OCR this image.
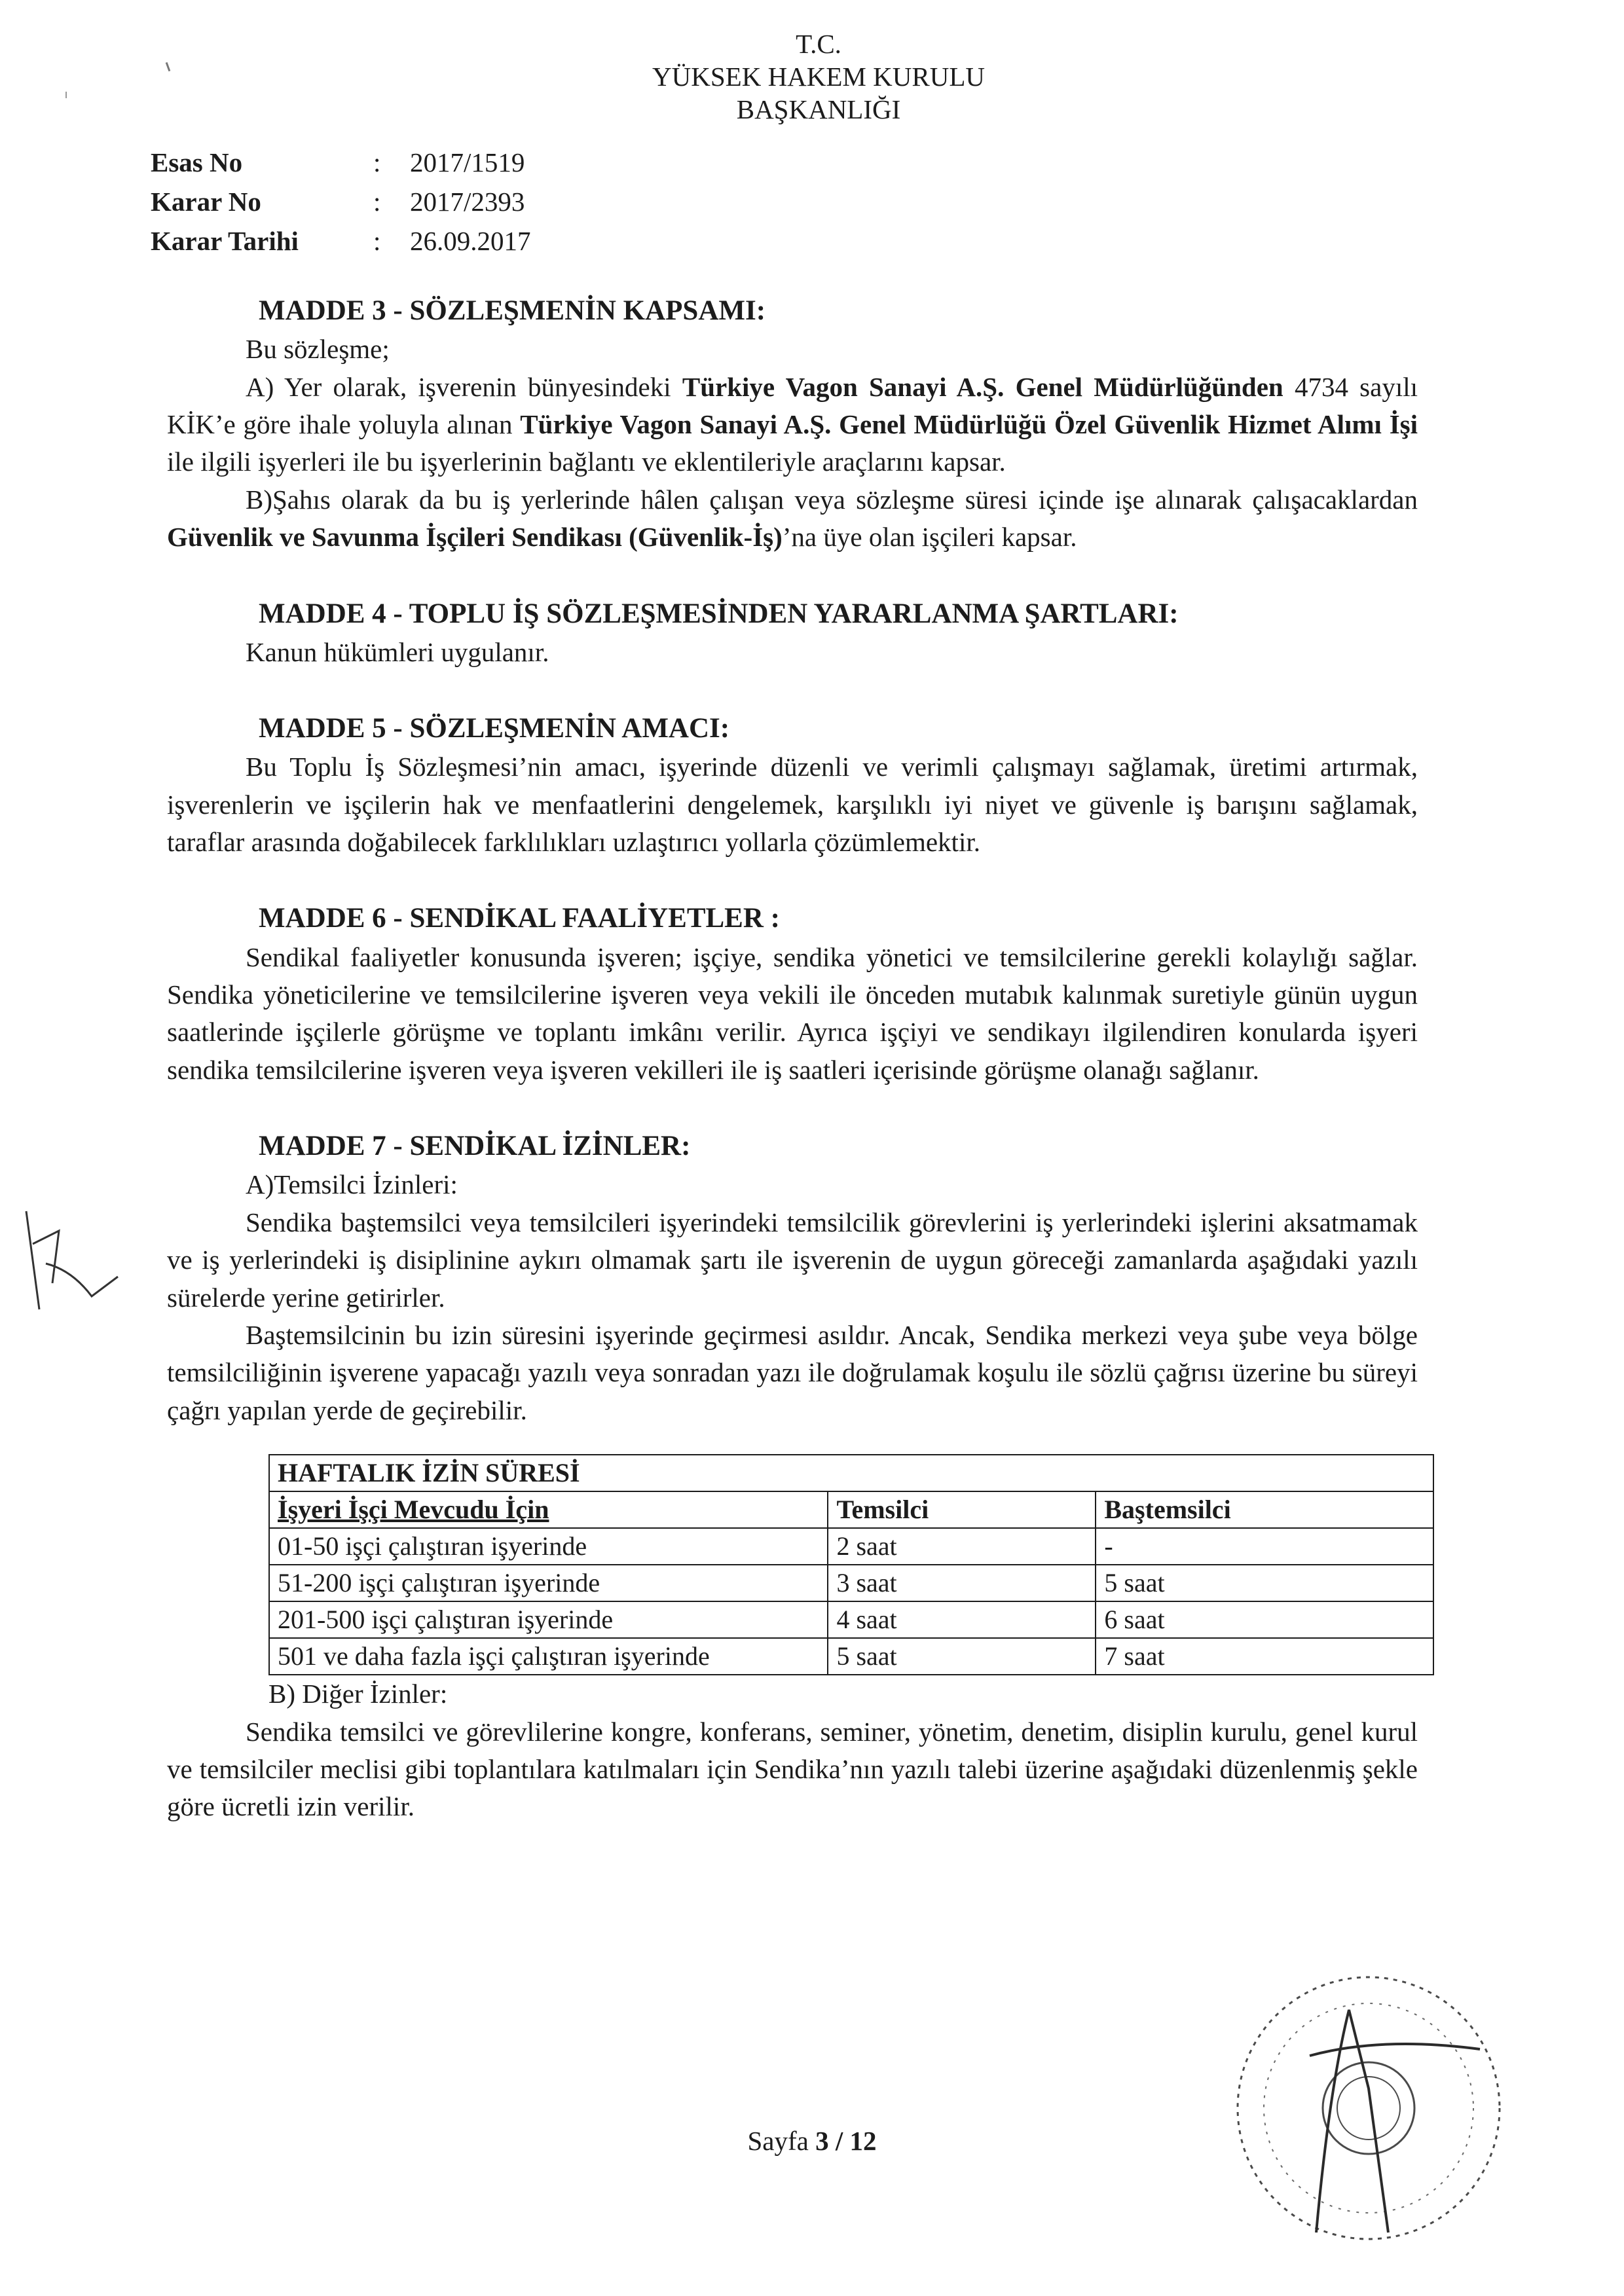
T.C.
YÜKSEK HAKEM KURULU
BAŞKANLIĞI
Esas No	:	2017/1519
Karar No	:	2017/2393
Karar Tarihi	:	26.09.2017

MADDE 3 - SÖZLEŞMENİN KAPSAMI:

Bu sözleşme;

A) Yer olarak, işverenin bünyesindeki Türkiye Vagon Sanayi A.Ş. Genel Müdürlüğünden 4734 sayılı KİK’e göre ihale yoluyla alınan Türkiye Vagon Sanayi A.Ş. Genel Müdürlüğü Özel Güvenlik Hizmet Alımı İşi ile ilgili işyerleri ile bu işyerlerinin bağlantı ve eklentileriyle araçlarını kapsar.

B)Şahıs olarak da bu iş yerlerinde hâlen çalışan veya sözleşme süresi içinde işe alınarak çalışacaklardan Güvenlik ve Savunma İşçileri Sendikası (Güvenlik-İş)’na üye olan işçileri kapsar.

MADDE 4 - TOPLU İŞ SÖZLEŞMESİNDEN YARARLANMA ŞARTLARI:

Kanun hükümleri uygulanır.

MADDE 5 - SÖZLEŞMENİN AMACI:

Bu Toplu İş Sözleşmesi’nin amacı, işyerinde düzenli ve verimli çalışmayı sağlamak, üretimi artırmak, işverenlerin ve işçilerin hak ve menfaatlerini dengelemek, karşılıklı iyi niyet ve güvenle iş barışını sağlamak, taraflar arasında doğabilecek farklılıkları uzlaştırıcı yollarla çözümlemektir.

MADDE 6 - SENDİKAL FAALİYETLER :

Sendikal faaliyetler konusunda işveren; işçiye, sendika yönetici ve temsilcilerine gerekli kolaylığı sağlar. Sendika yöneticilerine ve temsilcilerine işveren veya vekili ile önceden mutabık kalınmak suretiyle günün uygun saatlerinde işçilerle görüşme ve toplantı imkânı verilir. Ayrıca işçiyi ve sendikayı ilgilendiren konularda işyeri sendika temsilcilerine işveren veya işveren vekilleri ile iş saatleri içerisinde görüşme olanağı sağlanır.

MADDE 7 - SENDİKAL İZİNLER:

A)Temsilci İzinleri:

Sendika baştemsilci veya temsilcileri işyerindeki temsilcilik görevlerini iş yerlerindeki işlerini aksatmamak ve iş yerlerindeki iş disiplinine aykırı olmamak şartı ile işverenin de uygun göreceği zamanlarda aşağıdaki yazılı sürelerde yerine getirirler.

Baştemsilcinin bu izin süresini işyerinde geçirmesi asıldır. Ancak, Sendika merkezi veya şube veya bölge temsilciliğinin işverene yapacağı yazılı veya sonradan yazı ile doğrulamak koşulu ile sözlü çağrısı üzerine bu süreyi çağrı yapılan yerde de geçirebilir.

HAFTALIK İZİN SÜRESİ		
İşyeri İşçi Mevcudu İçin	Temsilci	Baştemsilci
01-50 işçi çalıştıran işyerinde	2 saat	-
51-200 işçi çalıştıran işyerinde	3 saat	5 saat
201-500 işçi çalıştıran işyerinde	4 saat	6 saat
501 ve daha fazla işçi çalıştıran işyerinde	5 saat	7 saat

B) Diğer İzinler:

Sendika temsilci ve görevlilerine kongre, konferans, seminer, yönetim, denetim, disiplin kurulu, genel kurul ve temsilciler meclisi gibi toplantılara katılmaları için Sendika’nın yazılı talebi üzerine aşağıdaki düzenlenmiş şekle göre ücretli izin verilir.

Sayfa 3 / 12
